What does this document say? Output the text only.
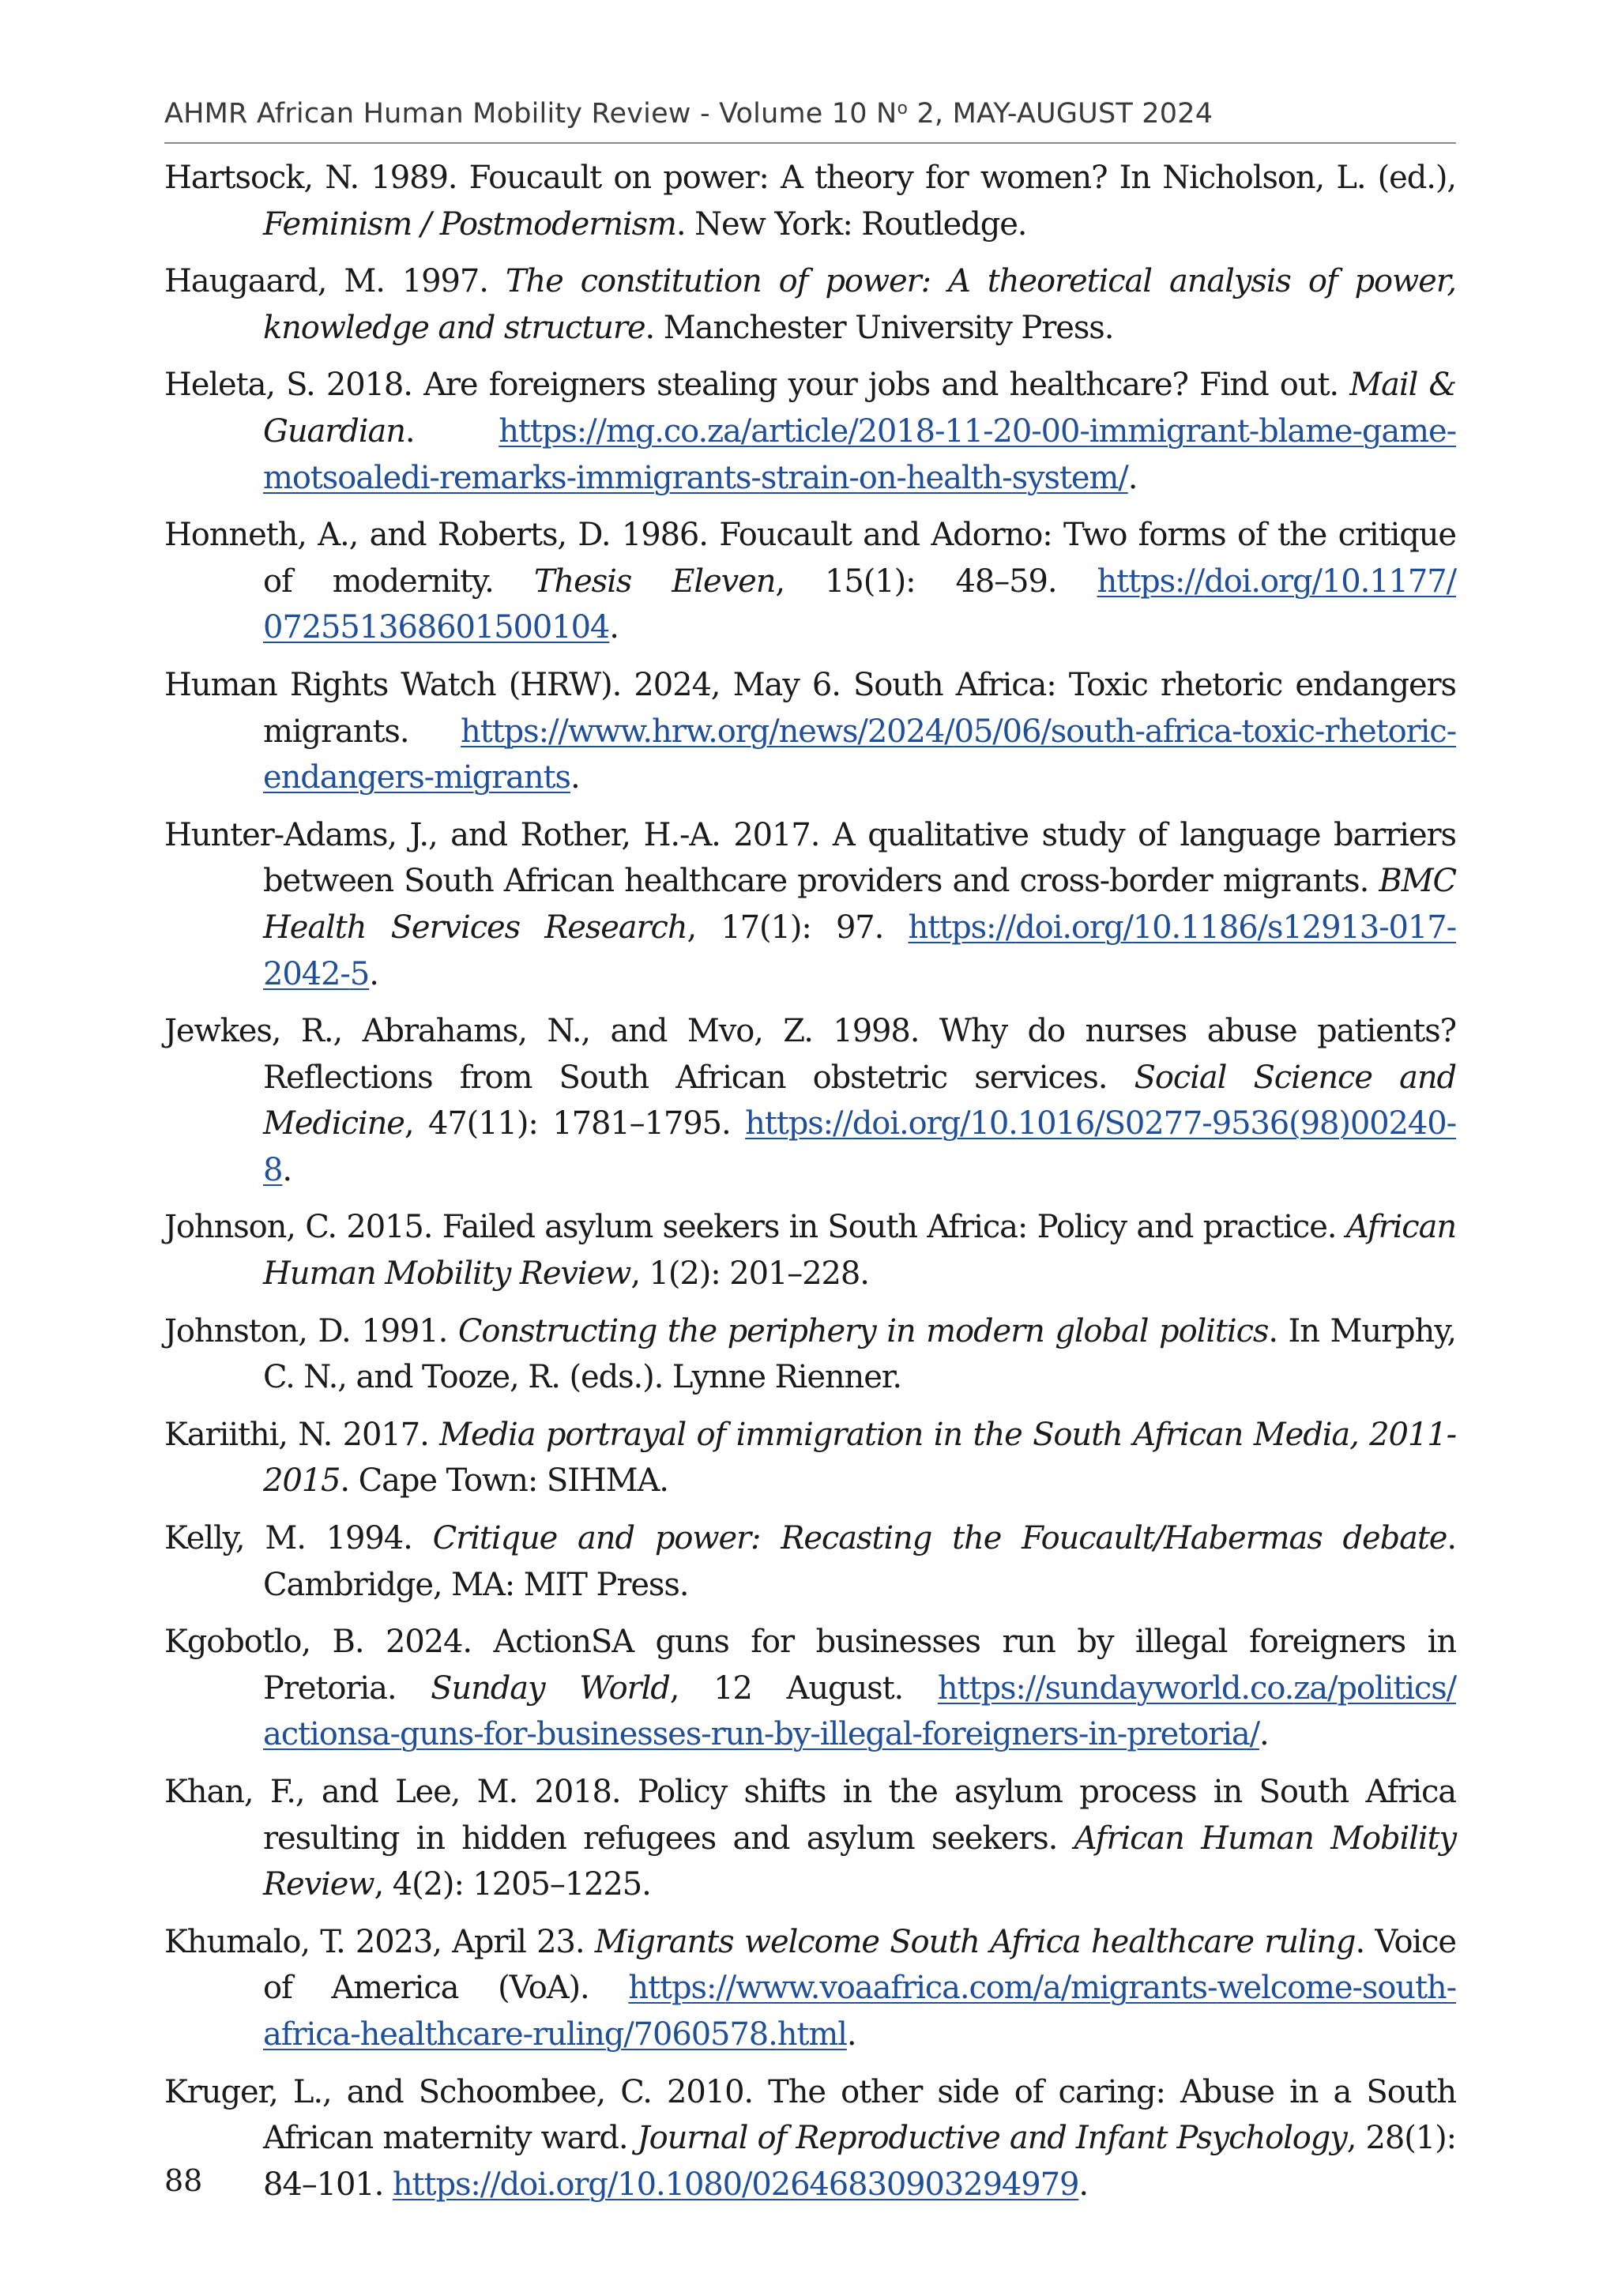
AHMR African Human Mobility Review - Volume 10 $N^o$ 2, MAY-AUGUST 2024

Hartsock, N. 1989. Foucault on power: A theory for women? In Nicholson, L. (ed.), Feminism / Postmodernism. New York: Routledge.

Haugaard, M. 1997. The constitution of power: A theoretical analysis of power, knowledge and structure. Manchester University Press.

Heleta, S. 2018. Are foreigners stealing your jobs and healthcare? Find out. Mail & Guardian. https://mg.co.za/article/2018-11-20-00-immigrant-blame-game-motsoaledi-remarks-immigrants-strain-on-health-system/.

Honneth, A., and Roberts, D. 1986. Foucault and Adorno: Two forms of the critique of modernity. Thesis Eleven, 15(1): 48–59. https://doi.org/10.1177/072551368601500104.

Human Rights Watch (HRW). 2024, May 6. South Africa: Toxic rhetoric endangers migrants. https://www.hrw.org/news/2024/05/06/south-africa-toxic-rhetoric-endangers-migrants.

Hunter-Adams, J., and Rother, H.-A. 2017. A qualitative study of language barriers between South African healthcare providers and cross-border migrants. BMC Health Services Research, 17(1): 97. https://doi.org/10.1186/s12913-017-2042-5.

Jewkes, R., Abrahams, N., and Mvo, Z. 1998. Why do nurses abuse patients? Reflections from South African obstetric services. Social Science and Medicine, 47(11): 1781–1795. https://doi.org/10.1016/S0277-9536(98)00240-8.

Johnson, C. 2015. Failed asylum seekers in South Africa: Policy and practice. African Human Mobility Review, 1(2): 201–228.

Johnston, D. 1991. Constructing the periphery in modern global politics. In Murphy, C. N., and Tooze, R. (eds.). Lynne Rienner.

Kariithi, N. 2017. Media portrayal of immigration in the South African Media, 2011-2015. Cape Town: SIHMA.

Kelly, M. 1994. Critique and power: Recasting the Foucault/Habermas debate. Cambridge, MA: MIT Press.

Kgobotlo, B. 2024. ActionSA guns for businesses run by illegal foreigners in Pretoria. Sunday World, 12 August. https://sundayworld.co.za/politics/actionsa-guns-for-businesses-run-by-illegal-foreigners-in-pretoria/.

Khan, F., and Lee, M. 2018. Policy shifts in the asylum process in South Africa resulting in hidden refugees and asylum seekers. African Human Mobility Review, 4(2): 1205–1225.

Khumalo, T. 2023, April 23. Migrants welcome South Africa healthcare ruling. Voice of America (VoA). https://www.voaafrica.com/a/migrants-welcome-south-africa-healthcare-ruling/7060578.html.

Kruger, L., and Schoombee, C. 2010. The other side of caring: Abuse in a South African maternity ward. Journal of Reproductive and Infant Psychology, 28(1): 84–101. https://doi.org/10.1080/02646830903294979.

88
